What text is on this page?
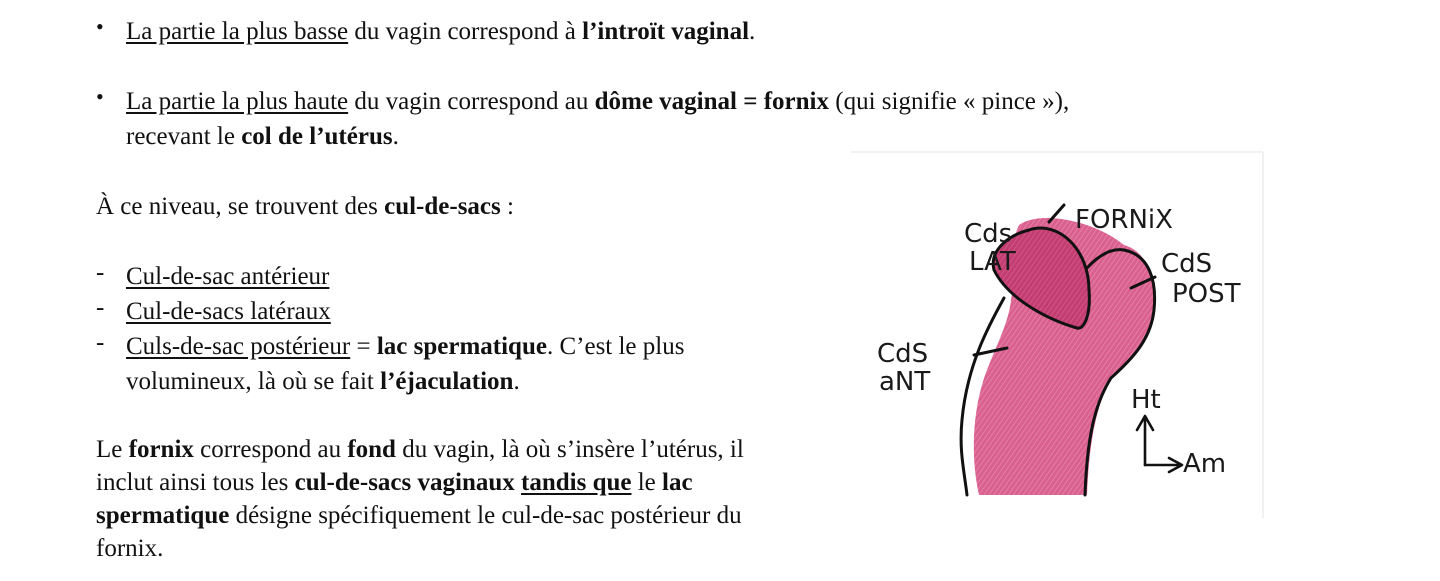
• La partie la plus basse du vagin correspond à l’introït vaginal.
• La partie la plus haute du vagin correspond au dôme vaginal = fornix (qui signifie « pince »),
recevant le col de l’utérus.
À ce niveau, se trouvent des cul-de-sacs :
- Cul-de-sac antérieur
- Cul-de-sacs latéraux
- Culs-de-sac postérieur = lac spermatique. C’est le plus
volumineux, là où se fait l’éjaculation.
Le fornix correspond au fond du vagin, là où s’insère l’utérus, il
inclut ainsi tous les cul-de-sacs vaginaux tandis que le lac
spermatique désigne spécifiquement le cul-de-sac postérieur du
fornix.
FORNiX
Cds
LAT	CdS
POST
CdS
aNT
Ht
Am
